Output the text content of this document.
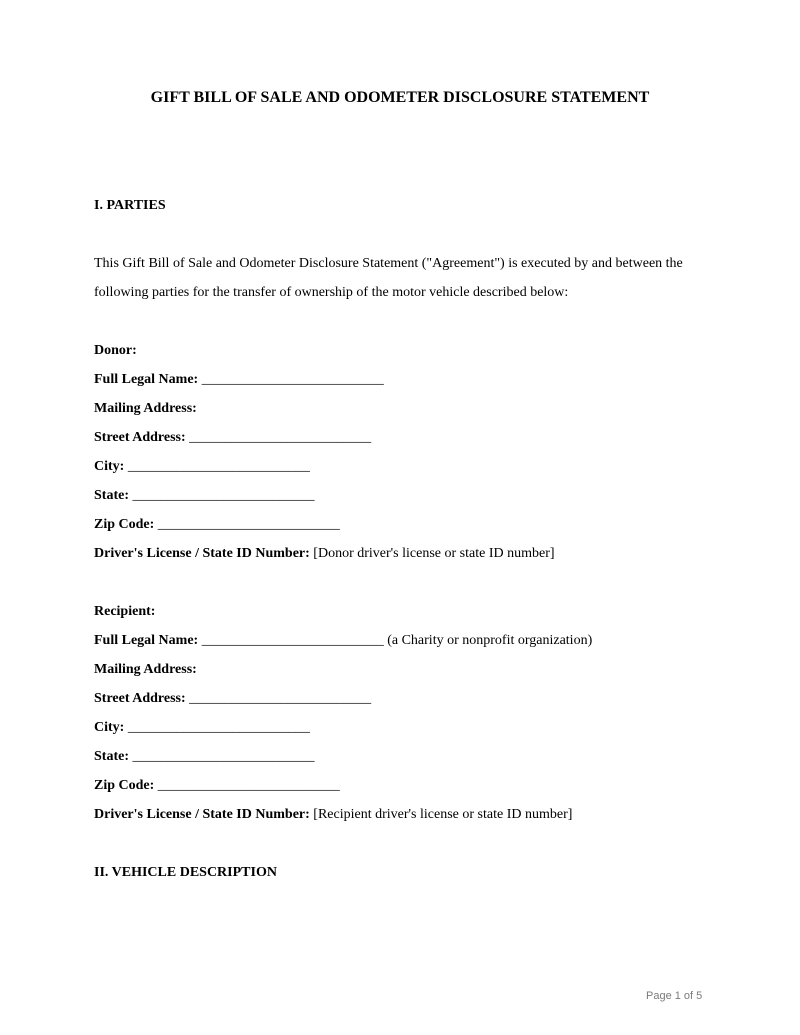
GIFT BILL OF SALE AND ODOMETER DISCLOSURE STATEMENT
I. PARTIES
This Gift Bill of Sale and Odometer Disclosure Statement ("Agreement") is executed by and between the
following parties for the transfer of ownership of the motor vehicle described below:
Donor:
Full Legal Name: __________________________
Mailing Address:
Street Address: __________________________
City: __________________________
State: __________________________
Zip Code: __________________________
Driver's License / State ID Number: [Donor driver's license or state ID number]
Recipient:
Full Legal Name: __________________________ (a Charity or nonprofit organization)
Mailing Address:
Street Address: __________________________
City: __________________________
State: __________________________
Zip Code: __________________________
Driver's License / State ID Number: [Recipient driver's license or state ID number]
II. VEHICLE DESCRIPTION
Page 1 of 5
